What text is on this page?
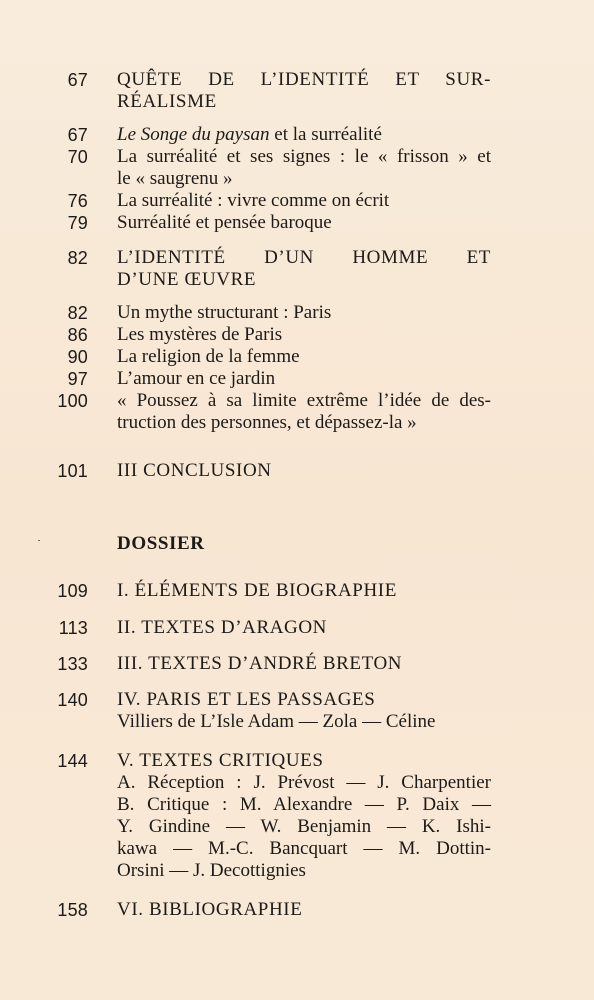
67 QUÊTE DE L’IDENTITÉ ET SUR-
RÉALISME
67 Le Songe du paysan et la surréalité
70 La surréalité et ses signes : le « frisson » et
le « saugrenu »
76 La surréalité : vivre comme on écrit
79 Surréalité et pensée baroque
82 L’IDENTITÉ D’UN HOMME ET
D’UNE ŒUVRE
82 Un mythe structurant : Paris
86 Les mystères de Paris
90 La religion de la femme
97 L’amour en ce jardin
100 « Poussez à sa limite extrême l’idée de des-
truction des personnes, et dépassez-la »
101 III CONCLUSION
DOSSIER
109 I. ÉLÉMENTS DE BIOGRAPHIE
113 II. TEXTES D’ARAGON
133 III. TEXTES D’ANDRÉ BRETON
140 IV. PARIS ET LES PASSAGES
Villiers de L’Isle Adam — Zola — Céline
144 V. TEXTES CRITIQUES
A. Réception : J. Prévost — J. Charpentier
B. Critique : M. Alexandre — P. Daix —
Y. Gindine — W. Benjamin — K. Ishi-
kawa — M.-C. Bancquart — M. Dottin-
Orsini — J. Decottignies
158 VI. BIBLIOGRAPHIE
